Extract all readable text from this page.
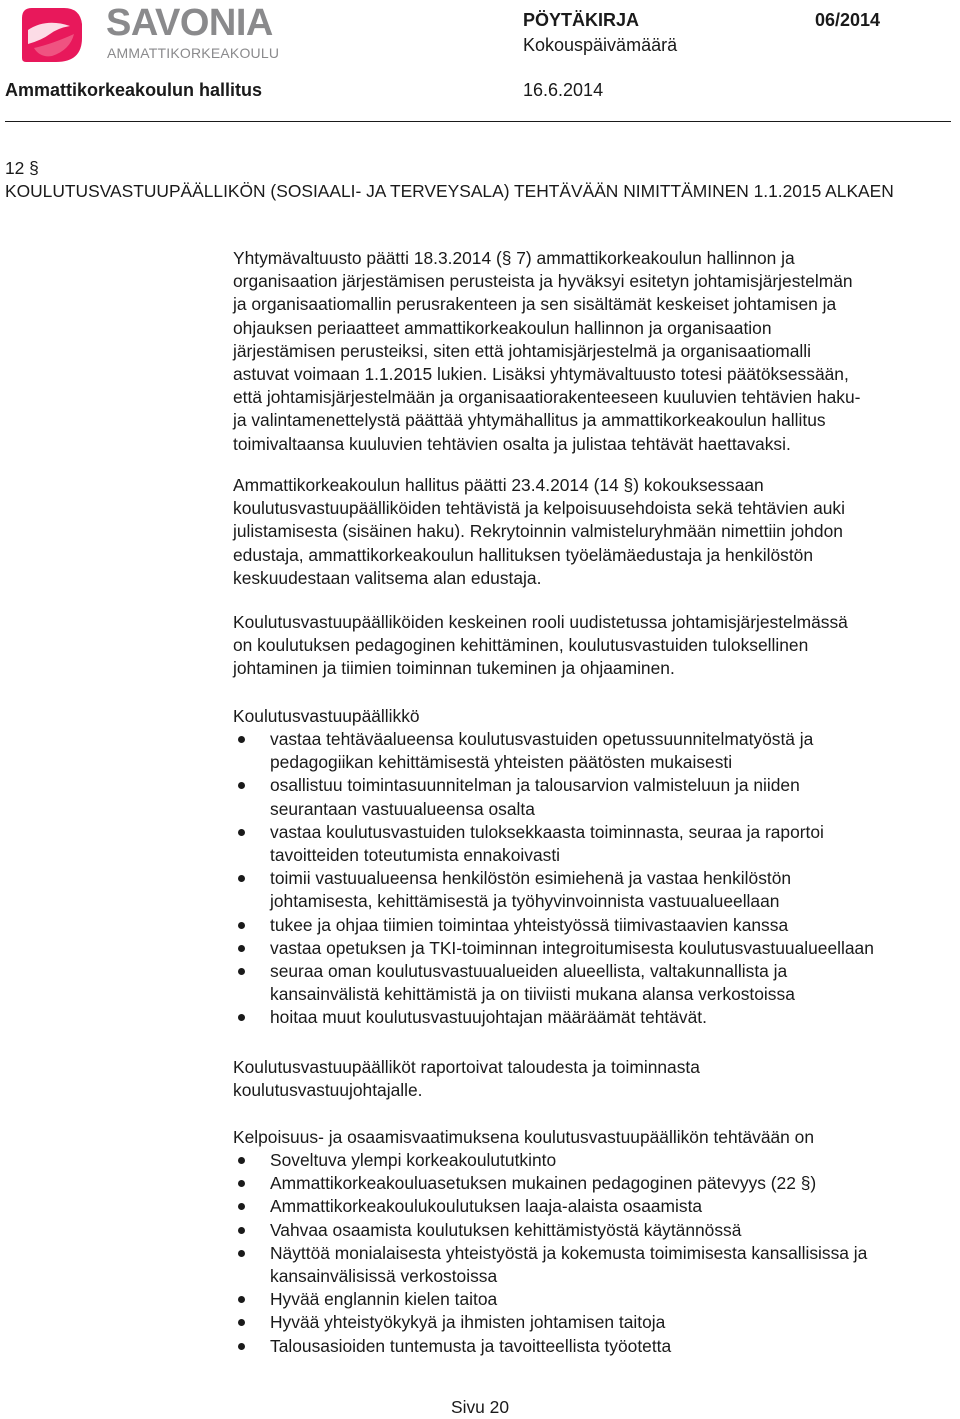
SAVONIA
AMMATTIKORKEAKOULU
PÖYTÄKIRJA	06/2014
Kokouspäivämäärä
Ammattikorkeakoulun hallitus	16.6.2014
12 §
KOULUTUSVASTUUPÄÄLLIKÖN (SOSIAALI- JA TERVEYSALA) TEHTÄVÄÄN NIMITTÄMINEN 1.1.2015 ALKAEN
Yhtymävaltuusto päätti 18.3.2014 (§ 7) ammattikorkeakoulun hallinnon ja
organisaation järjestämisen perusteista ja hyväksyi esitetyn johtamisjärjestelmän
ja organisaatiomallin perusrakenteen ja sen sisältämät keskeiset johtamisen ja
ohjauksen periaatteet ammattikorkeakoulun hallinnon ja organisaation
järjestämisen perusteiksi, siten että johtamisjärjestelmä ja organisaatiomalli
astuvat voimaan 1.1.2015 lukien. Lisäksi yhtymävaltuusto totesi päätöksessään,
että johtamisjärjestelmään ja organisaatiorakenteeseen kuuluvien tehtävien haku-
ja valintamenettelystä päättää yhtymähallitus ja ammattikorkeakoulun hallitus
toimivaltaansa kuuluvien tehtävien osalta ja julistaa tehtävät haettavaksi.
Ammattikorkeakoulun hallitus päätti 23.4.2014 (14 §) kokouksessaan
koulutusvastuupäälliköiden tehtävistä ja kelpoisuusehdoista sekä tehtävien auki
julistamisesta (sisäinen haku). Rekrytoinnin valmisteluryhmään nimettiin johdon
edustaja, ammattikorkeakoulun hallituksen työelämäedustaja ja henkilöstön
keskuudestaan valitsema alan edustaja.
Koulutusvastuupäälliköiden keskeinen rooli uudistetussa johtamisjärjestelmässä
on koulutuksen pedagoginen kehittäminen, koulutusvastuiden tuloksellinen
johtaminen ja tiimien toiminnan tukeminen ja ohjaaminen.
Koulutusvastuupäällikkö
vastaa tehtäväalueensa koulutusvastuiden opetussuunnitelmatyöstä ja
pedagogiikan kehittämisestä yhteisten päätösten mukaisesti
osallistuu toimintasuunnitelman ja talousarvion valmisteluun ja niiden
seurantaan vastuualueensa osalta
vastaa koulutusvastuiden tuloksekkaasta toiminnasta, seuraa ja raportoi
tavoitteiden toteutumista ennakoivasti
toimii vastuualueensa henkilöstön esimiehenä ja vastaa henkilöstön
johtamisesta, kehittämisestä ja työhyvinvoinnista vastuualueellaan
tukee ja ohjaa tiimien toimintaa yhteistyössä tiimivastaavien kanssa
vastaa opetuksen ja TKI-toiminnan integroitumisesta koulutusvastuualueellaan
seuraa oman koulutusvastuualueiden alueellista, valtakunnallista ja
kansainvälistä kehittämistä ja on tiiviisti mukana alansa verkostoissa
hoitaa muut koulutusvastuujohtajan määräämät tehtävät.
Koulutusvastuupäälliköt raportoivat taloudesta ja toiminnasta
koulutusvastuujohtajalle.
Kelpoisuus- ja osaamisvaatimuksena koulutusvastuupäällikön tehtävään on
Soveltuva ylempi korkeakoulututkinto
Ammattikorkeakouluasetuksen mukainen pedagoginen pätevyys (22 §)
Ammattikorkeakoulukoulutuksen laaja-alaista osaamista
Vahvaa osaamista koulutuksen kehittämistyöstä käytännössä
Näyttöä monialaisesta yhteistyöstä ja kokemusta toimimisesta kansallisissa ja
kansainvälisissä verkostoissa
Hyvää englannin kielen taitoa
Hyvää yhteistyökykyä ja ihmisten johtamisen taitoja
Talousasioiden tuntemusta ja tavoitteellista työotetta
Sivu 20
